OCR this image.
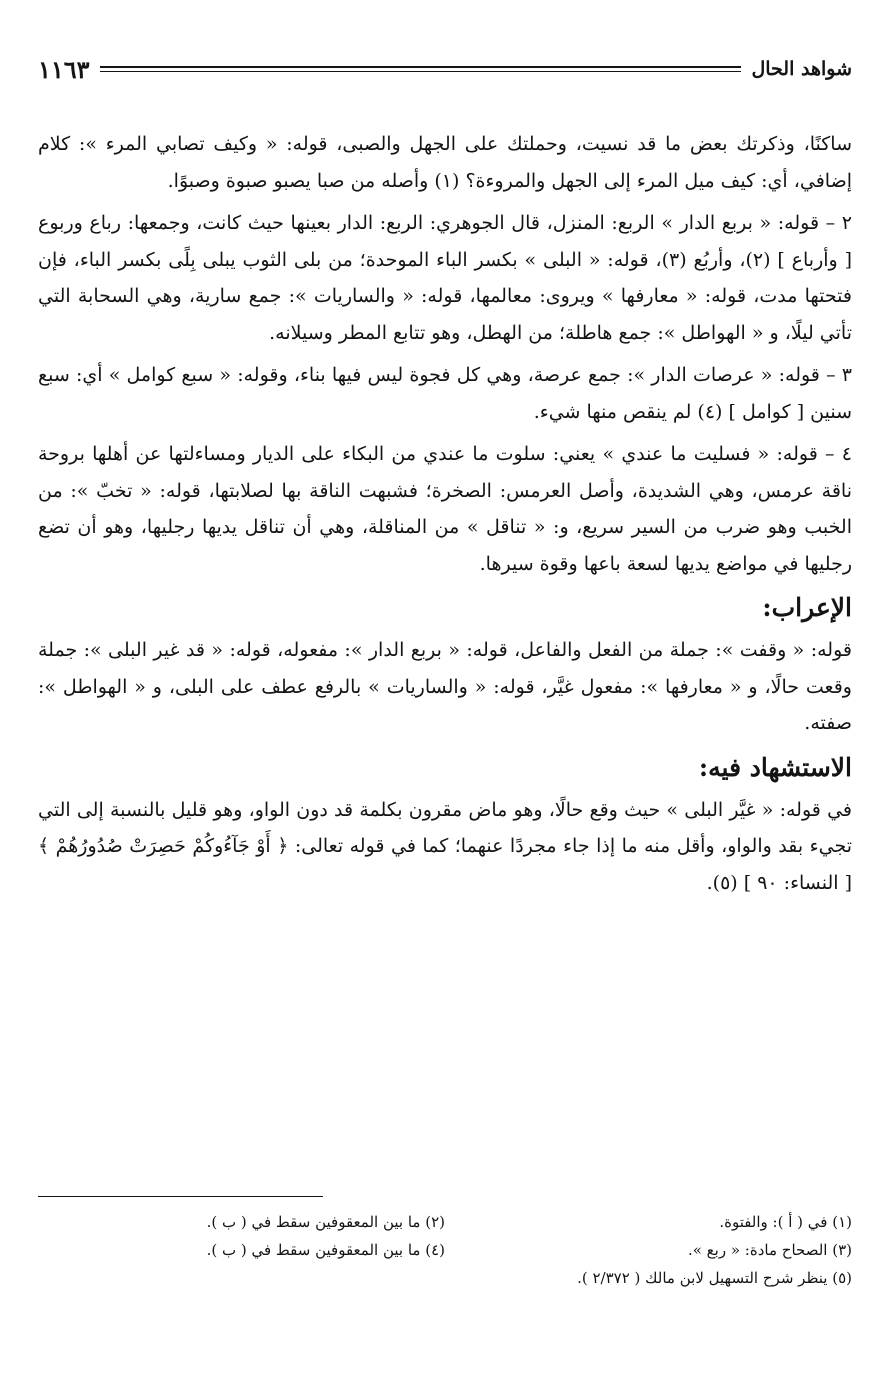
شواهد الحال
١١٦٣

ساكنًا، وذكرتك بعض ما قد نسيت، وحملتك على الجهل والصبى، قوله: « وكيف تصابي المرء »: كلام إضافي، أي: كيف ميل المرء إلى الجهل والمروءة؟ (١) وأصله من صبا يصبو صبوة وصبوًا.

٢ – قوله: « بربع الدار » الربع: المنزل، قال الجوهري: الربع: الدار بعينها حيث كانت، وجمعها: رباع وربوع [ وأرباع ] (٢)، وأربُع (٣)، قوله: « البلى » بكسر الباء الموحدة؛ من بلى الثوب يبلى بِلًى بكسر الباء، فإن فتحتها مدت، قوله: « معارفها » ويروى: معالمها، قوله: « والساريات »: جمع سارية، وهي السحابة التي تأتي ليلًا، و « الهواطل »: جمع هاطلة؛ من الهطل، وهو تتابع المطر وسيلانه.

٣ – قوله: « عرصات الدار »: جمع عرصة، وهي كل فجوة ليس فيها بناء، وقوله: « سبع كوامل » أي: سبع سنين [ كوامل ] (٤) لم ينقص منها شيء.

٤ – قوله: « فسليت ما عندي » يعني: سلوت ما عندي من البكاء على الديار ومساءلتها عن أهلها بروحة ناقة عرمس، وهي الشديدة، وأصل العرمس: الصخرة؛ فشبهت الناقة بها لصلابتها، قوله: « تخبّ »: من الخبب وهو ضرب من السير سريع، و: « تناقل » من المناقلة، وهي أن تناقل يديها رجليها، وهو أن تضع رجليها في مواضع يديها لسعة باعها وقوة سيرها.

الإعراب:

قوله: « وقفت »: جملة من الفعل والفاعل، قوله: « بربع الدار »: مفعوله، قوله: « قد غير البلى »: جملة وقعت حالًا، و « معارفها »: مفعول غيَّر، قوله: « والساريات » بالرفع عطف على البلى، و « الهواطل »: صفته.

الاستشهاد فيه:

في قوله: « غيَّر البلى » حيث وقع حالًا، وهو ماض مقرون بكلمة قد دون الواو، وهو قليل بالنسبة إلى التي تجيء بقد والواو، وأقل منه ما إذا جاء مجردًا عنهما؛ كما في قوله تعالى: ﴿ أَوْ جَآءُوكُمْ حَصِرَتْ صُدُورُهُمْ ﴾ [ النساء: ٩٠ ] (٥).

(١) في ( أ ): والفتوة.
(٢) ما بين المعقوفين سقط في ( ب ).
(٣) الصحاح مادة: « ربع ».
(٤) ما بين المعقوفين سقط في ( ب ).
(٥) ينظر شرح التسهيل لابن مالك ( ٢/٣٧٢ ).
